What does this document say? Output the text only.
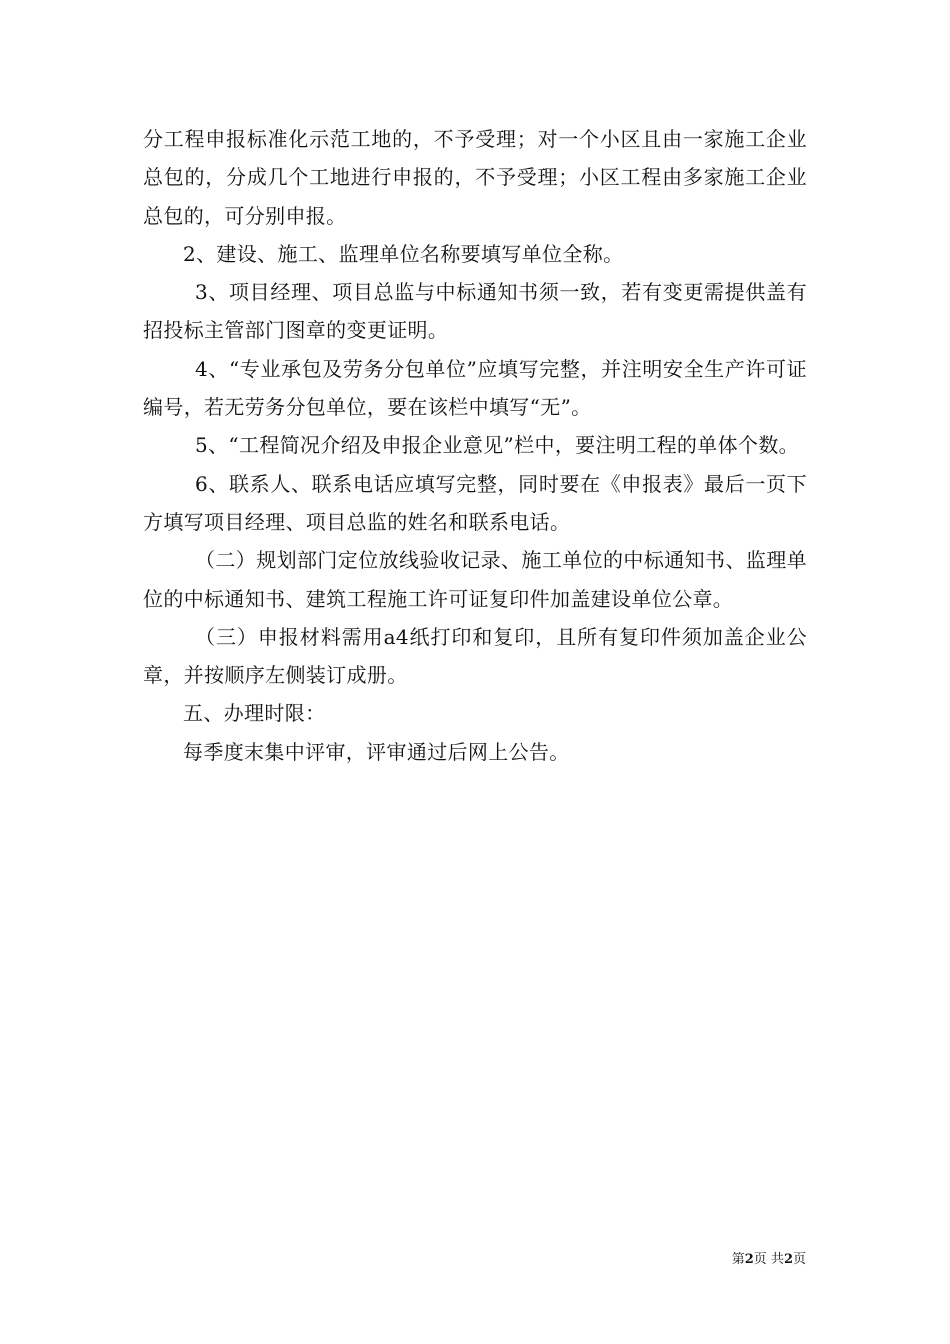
分工程申报标准化示范工地的，不予受理；对一个小区且由一家施工企业总包的，分成几个工地进行申报的，不予受理；小区工程由多家施工企业总包的，可分别申报。

2、建设、施工、监理单位名称要填写单位全称。

3、项目经理、项目总监与中标通知书须一致，若有变更需提供盖有招投标主管部门图章的变更证明。

4、“专业承包及劳务分包单位”应填写完整，并注明安全生产许可证编号，若无劳务分包单位，要在该栏中填写“无”。

5、“工程简况介绍及申报企业意见”栏中，要注明工程的单体个数。

6、联系人、联系电话应填写完整，同时要在《申报表》最后一页下方填写项目经理、项目总监的姓名和联系电话。

（二）规划部门定位放线验收记录、施工单位的中标通知书、监理单位的中标通知书、建筑工程施工许可证复印件加盖建设单位公章。

（三）申报材料需用a4纸打印和复印，且所有复印件须加盖企业公章，并按顺序左侧装订成册。

五、办理时限：

每季度末集中评审，评审通过后网上公告。

第2页 共2页
